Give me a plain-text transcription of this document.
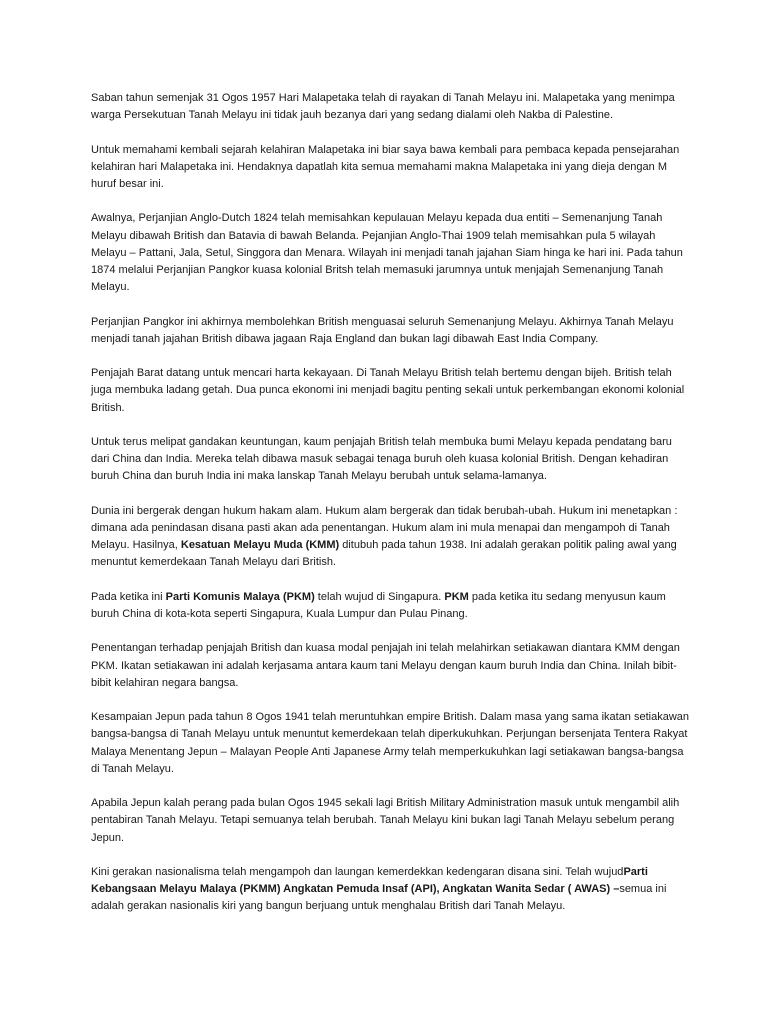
Saban tahun semenjak 31 Ogos 1957 Hari Malapetaka telah di rayakan di Tanah Melayu ini. Malapetaka yang menimpa warga Persekutuan Tanah Melayu ini tidak jauh bezanya dari yang sedang dialami oleh Nakba di Palestine.

Untuk memahami kembali sejarah kelahiran Malapetaka ini biar saya bawa kembali para pembaca kepada pensejarahan kelahiran hari Malapetaka ini. Hendaknya dapatlah kita semua memahami makna Malapetaka ini yang dieja dengan M huruf besar ini.

Awalnya, Perjanjian Anglo-Dutch 1824 telah memisahkan kepulauan Melayu kepada dua entiti – Semenanjung Tanah Melayu dibawah British dan Batavia di bawah Belanda. Pejanjian Anglo-Thai 1909 telah memisahkan pula 5 wilayah Melayu – Pattani, Jala, Setul, Singgora dan Menara. Wilayah ini menjadi tanah jajahan Siam hinga ke hari ini. Pada tahun 1874 melalui Perjanjian Pangkor kuasa kolonial Britsh telah memasuki jarumnya untuk menjajah Semenanjung Tanah Melayu.

Perjanjian Pangkor ini akhirnya membolehkan British menguasai seluruh Semenanjung Melayu. Akhirnya Tanah Melayu menjadi tanah jajahan British dibawa jagaan Raja England dan bukan lagi dibawah East India Company.

Penjajah Barat datang untuk mencari harta kekayaan. Di Tanah Melayu British telah bertemu dengan bijeh. British telah juga membuka ladang getah. Dua punca ekonomi ini menjadi bagitu penting sekali untuk perkembangan ekonomi kolonial British.

Untuk terus melipat gandakan keuntungan, kaum penjajah British telah membuka bumi Melayu kepada pendatang baru dari China dan India. Mereka telah dibawa masuk sebagai tenaga buruh oleh kuasa kolonial British. Dengan kehadiran buruh China dan buruh India ini maka lanskap Tanah Melayu berubah untuk selama-lamanya.

Dunia ini bergerak dengan hukum hakam alam. Hukum alam bergerak dan tidak berubah-ubah. Hukum ini menetapkan : dimana ada penindasan disana pasti akan ada penentangan. Hukum alam ini mula menapai dan mengampoh di Tanah Melayu. Hasilnya, Kesatuan Melayu Muda (KMM) ditubuh pada tahun 1938. Ini adalah gerakan politik paling awal yang menuntut kemerdekaan Tanah Melayu dari British.

Pada ketika ini Parti Komunis Malaya (PKM) telah wujud di Singapura. PKM pada ketika itu sedang menyusun kaum buruh China di kota-kota seperti Singapura, Kuala Lumpur dan Pulau Pinang.

Penentangan terhadap penjajah British dan kuasa modal penjajah ini telah melahirkan setiakawan diantara KMM dengan PKM. Ikatan setiakawan ini adalah kerjasama antara kaum tani Melayu dengan kaum buruh India dan China. Inilah bibit-bibit kelahiran negara bangsa.

Kesampaian Jepun pada tahun 8 Ogos 1941 telah meruntuhkan empire British. Dalam masa yang sama ikatan setiakawan bangsa-bangsa di Tanah Melayu untuk menuntut kemerdekaan telah diperkukuhkan. Perjungan bersenjata Tentera Rakyat Malaya Menentang Jepun – Malayan People Anti Japanese Army telah memperkukuhkan lagi setiakawan bangsa-bangsa di Tanah Melayu.

Apabila Jepun kalah perang pada bulan Ogos 1945 sekali lagi British Military Administration masuk untuk mengambil alih pentabiran Tanah Melayu. Tetapi semuanya telah berubah. Tanah Melayu kini bukan lagi Tanah Melayu sebelum perang Jepun.

Kini gerakan nasionalisma telah mengampoh dan laungan kemerdekkan kedengaran disana sini. Telah wujudParti Kebangsaan Melayu Malaya (PKMM) Angkatan Pemuda Insaf (API), Angkatan Wanita Sedar ( AWAS) –semua ini adalah gerakan nasionalis kiri yang bangun berjuang untuk menghalau British dari Tanah Melayu.
